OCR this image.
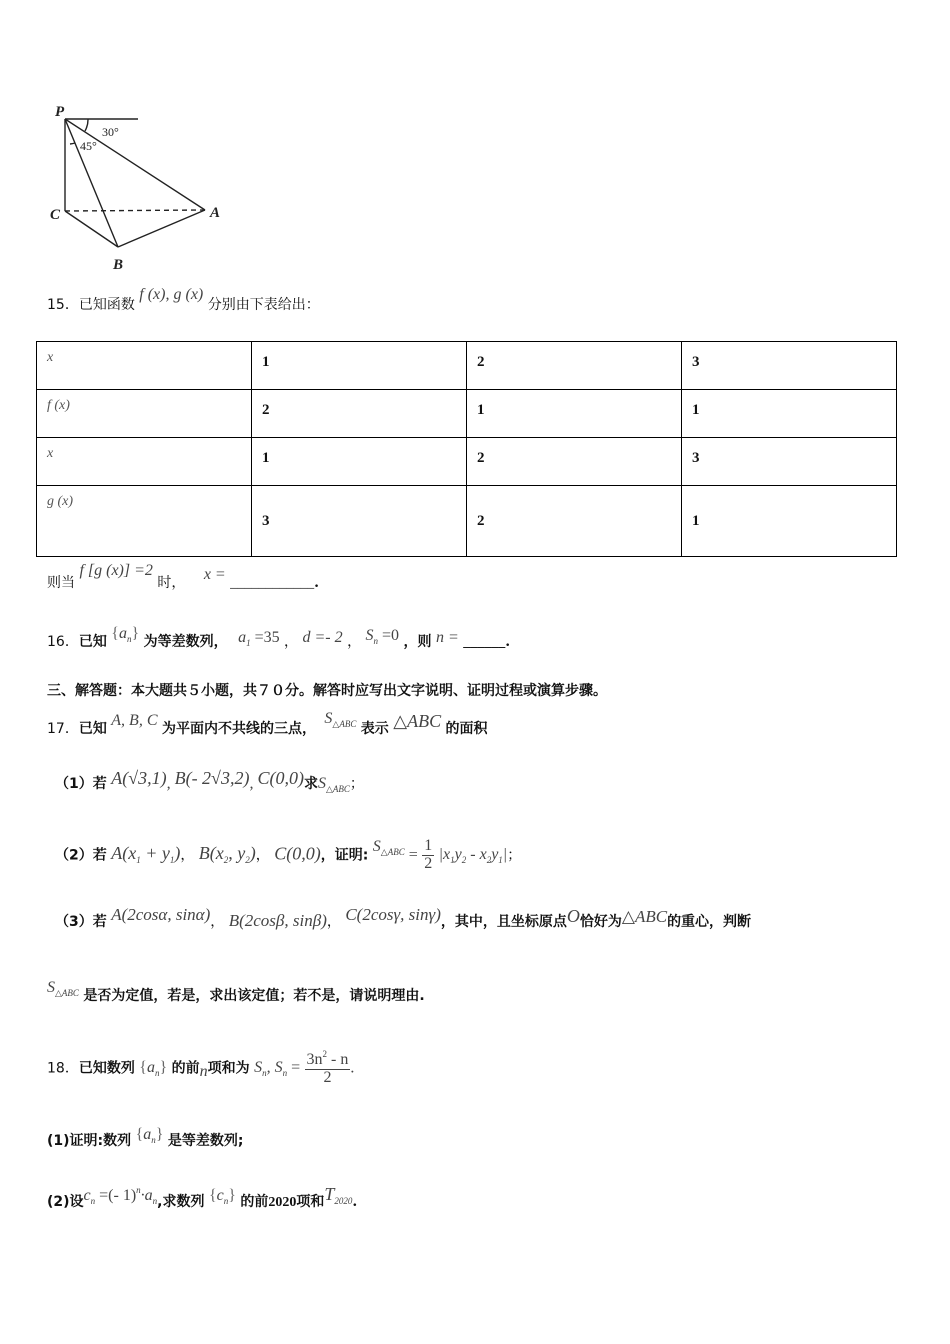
P
C	A
B
30°
45°
15．已知函数 f (x), g (x) 分别由下表给出：
x	1	2	3
f (x)	2	1	1
x	1	2	3
g (x)	3	2	1
则当 f [g (x)] =2 时， x = ____________.
16．已知 $\{a_n\}$ 为等差数列， $a_1 =35$ ， d =- 2 ， $S_n =0$ ，则 n = ______.
三、解答题：本大题共５小题，共７０分。解答时应写出文字说明、证明过程或演算步骤。
17．已知 A, B, C 为平面内不共线的三点， $S_{\triangle ABC}$ 表示 △ABC 的面积
（1）若 A(√3,1), B(- 2√3,2), C(0,0)求$S_{\triangle ABC}$；
（2）若 $A(x_1 + y_1)$， $B(x_2$, $y_2$)， C(0,0)，证明: $S_{\triangle ABC} = \frac{1}{2} |x_1y_2 - x_2y_1|$；
（3）若 A(2cosα, sinα)， B(2cosβ, sinβ)， C(2cosγ, sinγ)，其中，且坐标原点O恰好为△ABC的重心，判断
$S_{\triangle ABC}$ 是否为定值，若是，求出该定值；若不是，请说明理由.
18．已知数列 $\{a_n\}$ 的前n项和为 $S_n$, $S_n = \frac{3n^2 - n}{2}$ .
(1)证明:数列 $\{a_n\}$ 是等差数列;
(2)设$c_n$ =(- $1)^n\cdot a_n$,求数列 $\{c_n\}$ 的前2020项和$T_{2020}$.
